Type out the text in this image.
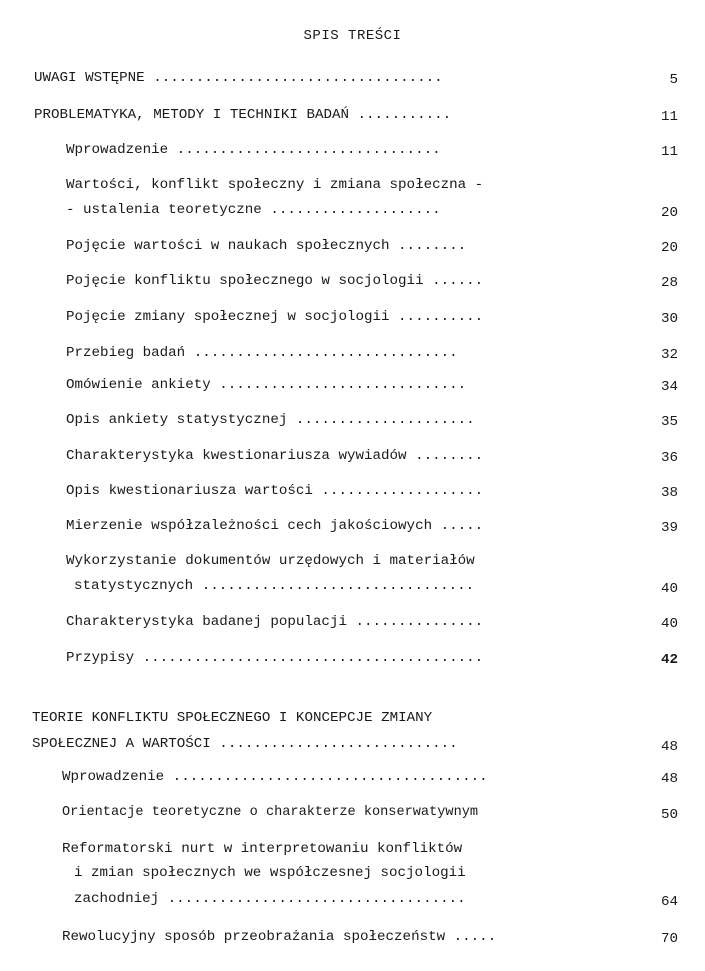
SPIS TREŚCI
UWAGI WSTĘPNE ..................................	5
PROBLEMATYKA, METODY I TECHNIKI BADAŃ ...........	11
Wprowadzenie ...............................	11
Wartości, konflikt społeczny i zmiana społeczna -
- ustalenia teoretyczne ....................	20
Pojęcie wartości w naukach społecznych ........	20
Pojęcie konfliktu społecznego w socjologii ......	28
Pojęcie zmiany społecznej w socjologii ..........	30
Przebieg badań ...............................	32
Omówienie ankiety .............................	34
Opis ankiety statystycznej .....................	35
Charakterystyka kwestionariusza wywiadów ........	36
Opis kwestionariusza wartości ...................	38
Mierzenie współzależności cech jakościowych .....	39
Wykorzystanie dokumentów urzędowych i materiałów
statystycznych ................................	40
Charakterystyka badanej populacji ...............	40
Przypisy ........................................	42
TEORIE KONFLIKTU SPOŁECZNEGO I KONCEPCJE ZMIANY
SPOŁECZNEJ A WARTOŚCI ............................	48
Wprowadzenie .....................................	48
Orientacje teoretyczne o charakterze konserwatywnym	50
Reformatorski nurt w interpretowaniu konfliktów
i zmian społecznych we współczesnej socjologii
zachodniej ...................................	64
Rewolucyjny sposób przeobrażania społeczeństw .....	70
